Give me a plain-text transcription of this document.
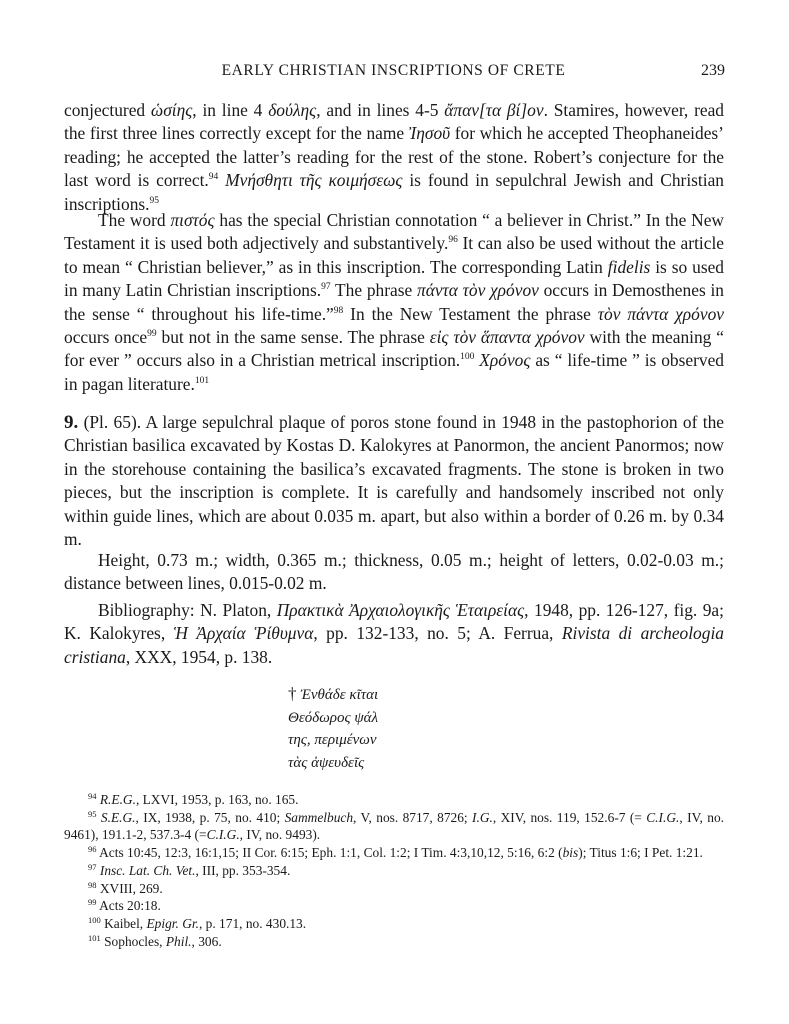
EARLY CHRISTIAN INSCRIPTIONS OF CRETE	239

conjectured ὡσίης, in line 4 δούλης, and in lines 4-5 ἄπαν[τα βί]ον. Stamires, however, read the first three lines correctly except for the name Ἰησοῦ for which he accepted Theophaneides’ reading; he accepted the latter’s reading for the rest of the stone. Robert’s conjecture for the last word is correct.$^{94}$ Μνήσθητι τῆς κοιμήσεως is found in sepulchral Jewish and Christian inscriptions.$^{95}$

The word πιστός has the special Christian connotation “ a believer in Christ.” In the New Testament it is used both adjectively and substantively.$^{96}$ It can also be used without the article to mean “ Christian believer,” as in this inscription. The corresponding Latin fidelis is so used in many Latin Christian inscriptions.$^{97}$ The phrase πάντα τὸν χρόνον occurs in Demosthenes in the sense “ throughout his life-time.”$^{98}$ In the New Testament the phrase τὸν πάντα χρόνον occurs once$^{99}$ but not in the same sense. The phrase εἰς τὸν ἅπαντα χρόνον with the meaning “ for ever ” occurs also in a Christian metrical inscription.$^{100}$ Χρόνος as “ life-time ” is observed in pagan literature.$^{101}$

9. (Pl. 65). A large sepulchral plaque of poros stone found in 1948 in the pastophorion of the Christian basilica excavated by Kostas D. Kalokyres at Panormon, the ancient Panormos; now in the storehouse containing the basilica’s excavated fragments. The stone is broken in two pieces, but the inscription is complete. It is carefully and handsomely inscribed not only within guide lines, which are about 0.035 m. apart, but also within a border of 0.26 m. by 0.34 m.

Height, 0.73 m.; width, 0.365 m.; thickness, 0.05 m.; height of letters, 0.02-0.03 m.; distance between lines, 0.015-0.02 m.

Bibliography: N. Platon, Πρακτικὰ Ἀρχαιολογικῆς Ἑταιρείας, 1948, pp. 126-127, fig. 9a; K. Kalokyres, Ἡ Ἀρχαία Ῥίθυμνα, pp. 132-133, no. 5; A. Ferrua, Rivista di archeologia cristiana, XXX, 1954, p. 138.

† Ἐνθάδε κῖται
Θεόδωρος ψάλ
της, περιμένων
τὰς ἀψευδεῖς
$^{94}$ R.E.G., LXVI, 1953, p. 163, no. 165.
$^{95}$ S.E.G., IX, 1938, p. 75, no. 410; Sammelbuch, V, nos. 8717, 8726; I.G., XIV, nos. 119, 152.6-7 (= C.I.G., IV, no. 9461), 191.1-2, 537.3-4 (=C.I.G., IV, no. 9493).
$^{96}$ Acts 10:45, 12:3, 16:1,15; II Cor. 6:15; Eph. 1:1, Col. 1:2; I Tim. 4:3,10,12, 5:16, 6:2 (bis); Titus 1:6; I Pet. 1:21.
$^{97}$ Insc. Lat. Ch. Vet., III, pp. 353-354.
$^{98}$ XVIII, 269.
$^{99}$ Acts 20:18.
$^{100}$ Kaibel, Epigr. Gr., p. 171, no. 430.13.
$^{101}$ Sophocles, Phil., 306.
